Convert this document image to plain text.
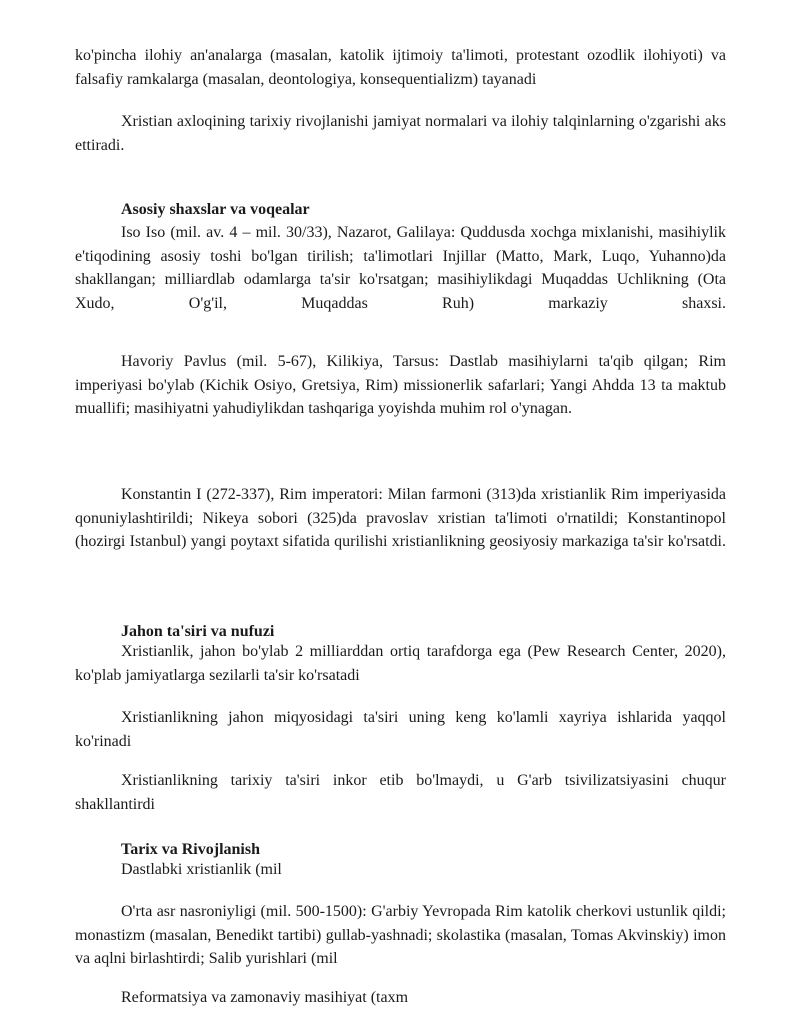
ko'pincha ilohiy an'analarga (masalan, katolik ijtimoiy ta'limoti, protestant ozodlik ilohiyoti) va falsafiy ramkalarga (masalan, deontologiya, konsequentializm) tayanadi

Xristian axloqining tarixiy rivojlanishi jamiyat normalari va ilohiy talqinlarning o'zgarishi aks ettiradi.

Asosiy shaxslar va voqealar

Iso Iso (mil. av. 4 – mil. 30/33), Nazarot, Galilaya: Quddusda xochga mixlanishi, masihiylik e'tiqodining asosiy toshi bo'lgan tirilish; ta'limotlari Injillar (Matto, Mark, Luqo, Yuhanno)da shakllangan; milliardlab odamlarga ta'sir ko'rsatgan; masihiylikdagi Muqaddas Uchlikning (Ota Xudo, O'g'il, Muqaddas Ruh) markaziy shaxsi.

Havoriy Pavlus (mil. 5-67), Kilikiya, Tarsus: Dastlab masihiylarni ta'qib qilgan; Rim imperiyasi bo'ylab (Kichik Osiyo, Gretsiya, Rim) missionerlik safarlari; Yangi Ahdda 13 ta maktub muallifi; masihiyatni yahudiylikdan tashqariga yoyishda muhim rol o'ynagan.

Konstantin I (272-337), Rim imperatori: Milan farmoni (313)da xristianlik Rim imperiyasida qonuniylashtirildi; Nikeya sobori (325)da pravoslav xristian ta'limoti o'rnatildi; Konstantinopol (hozirgi Istanbul) yangi poytaxt sifatida qurilishi xristianlikning geosiyosiy markaziga ta'sir ko'rsatdi.

Jahon ta'siri va nufuzi

Xristianlik, jahon bo'ylab 2 milliarddan ortiq tarafdorga ega (Pew Research Center, 2020), ko'plab jamiyatlarga sezilarli ta'sir ko'rsatadi

Xristianlikning jahon miqyosidagi ta'siri uning keng ko'lamli xayriya ishlarida yaqqol ko'rinadi

Xristianlikning tarixiy ta'siri inkor etib bo'lmaydi, u G'arb tsivilizatsiyasini chuqur shakllantirdi

Tarix va Rivojlanish

Dastlabki xristianlik (mil

O'rta asr nasroniyligi (mil. 500-1500): G'arbiy Yevropada Rim katolik cherkovi ustunlik qildi; monastizm (masalan, Benedikt tartibi) gullab-yashnadi; skolastika (masalan, Tomas Akvinskiy) imon va aqlni birlashtirdi; Salib yurishlari (mil

Reformatsiya va zamonaviy masihiyat (taxm
